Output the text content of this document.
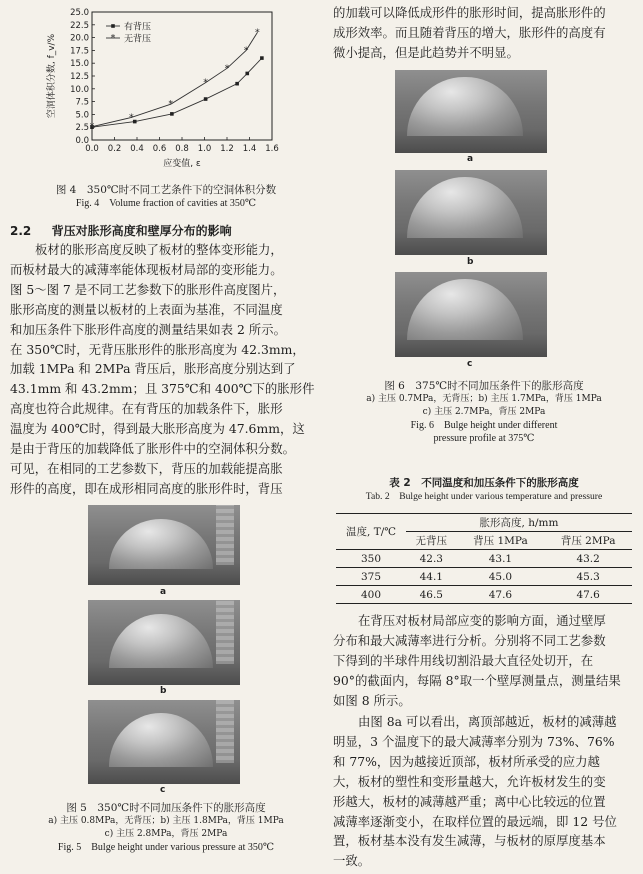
0.0
2.5
5.0
7.5
10.0
12.5
15.0
17.5
20.0
22.5
25.0
0.0 0.2 0.4 0.6 0.8 1.0 1.2 1.4 1.6
应变值, ε
空洞体积分数, f_v/%
*
*
*
*
*
*
*
有背压
* 无背压
图 4　350℃时不同工艺条件下的空洞体积分数
Fig. 4　Volume fraction of cavities at 350℃
2.2 背压对胀形高度和壁厚分布的影响
板材的胀形高度反映了板材的整体变形能力，
而板材最大的减薄率能体现板材局部的变形能力。
图 5～图 7 是不同工艺参数下的胀形件高度图片，
胀形高度的测量以板材的上表面为基准，不同温度
和加压条件下胀形件高度的测量结果如表 2 所示。
在 350℃时，无背压胀形件的胀形高度为 42.3mm，
加载 1MPa 和 2MPa 背压后，胀形高度分别达到了
43.1mm 和 43.2mm；且 375℃和 400℃下的胀形件
高度也符合此规律。在有背压的加载条件下，胀形
温度为 400℃时，得到最大胀形高度为 47.6mm，这
是由于背压的加载降低了胀形件中的空洞体积分数。
可见，在相同的工艺参数下，背压的加载能提高胀
形件的高度，即在成形相同高度的胀形件时，背压
a
b
c
图 5　350℃时不同加压条件下的胀形高度
a) 主压 0.8MPa，无背压；b) 主压 1.8MPa，背压 1MPa
c) 主压 2.8MPa，背压 2MPa
Fig. 5　Bulge height under various pressure at 350℃
的加载可以降低成形件的胀形时间，提高胀形件的
成形效率。而且随着背压的增大，胀形件的高度有
微小提高，但是此趋势并不明显。
a
b
c
图 6　375℃时不同加压条件下的胀形高度
a) 主压 0.7MPa，无背压；b) 主压 1.7MPa，背压 1MPa
c) 主压 2.7MPa，背压 2MPa
Fig. 6　Bulge height under different
pressure profile at 375℃
表 2　不同温度和加压条件下的胀形高度
Tab. 2　Bulge height under various temperature and pressure
温度, T/℃	胀形高度, h/mm		
	无背压	背压 1MPa	背压 2MPa
350	42.3	43.1	43.2
375	44.1	45.0	45.3
400	46.5	47.6	47.6
在背压对板材局部应变的影响方面，通过壁厚
分布和最大减薄率进行分析。分别将不同工艺参数
下得到的半球件用线切割沿最大直径处切开，在
90°的截面内，每隔 8°取一个壁厚测量点，测量结果
如图 8 所示。
由图 8a 可以看出，离顶部越近，板材的减薄越
明显，3 个温度下的最大减薄率分别为 73%、76%
和 77%，因为越接近顶部，板材所承受的应力越
大，板材的塑性和变形量越大，允许板材发生的变
形越大，板材的减薄越严重；离中心比较远的位置
减薄率逐渐变小，在取样位置的最远端，即 12 号位
置，板材基本没有发生减薄，与板材的原厚度基本
一致。
